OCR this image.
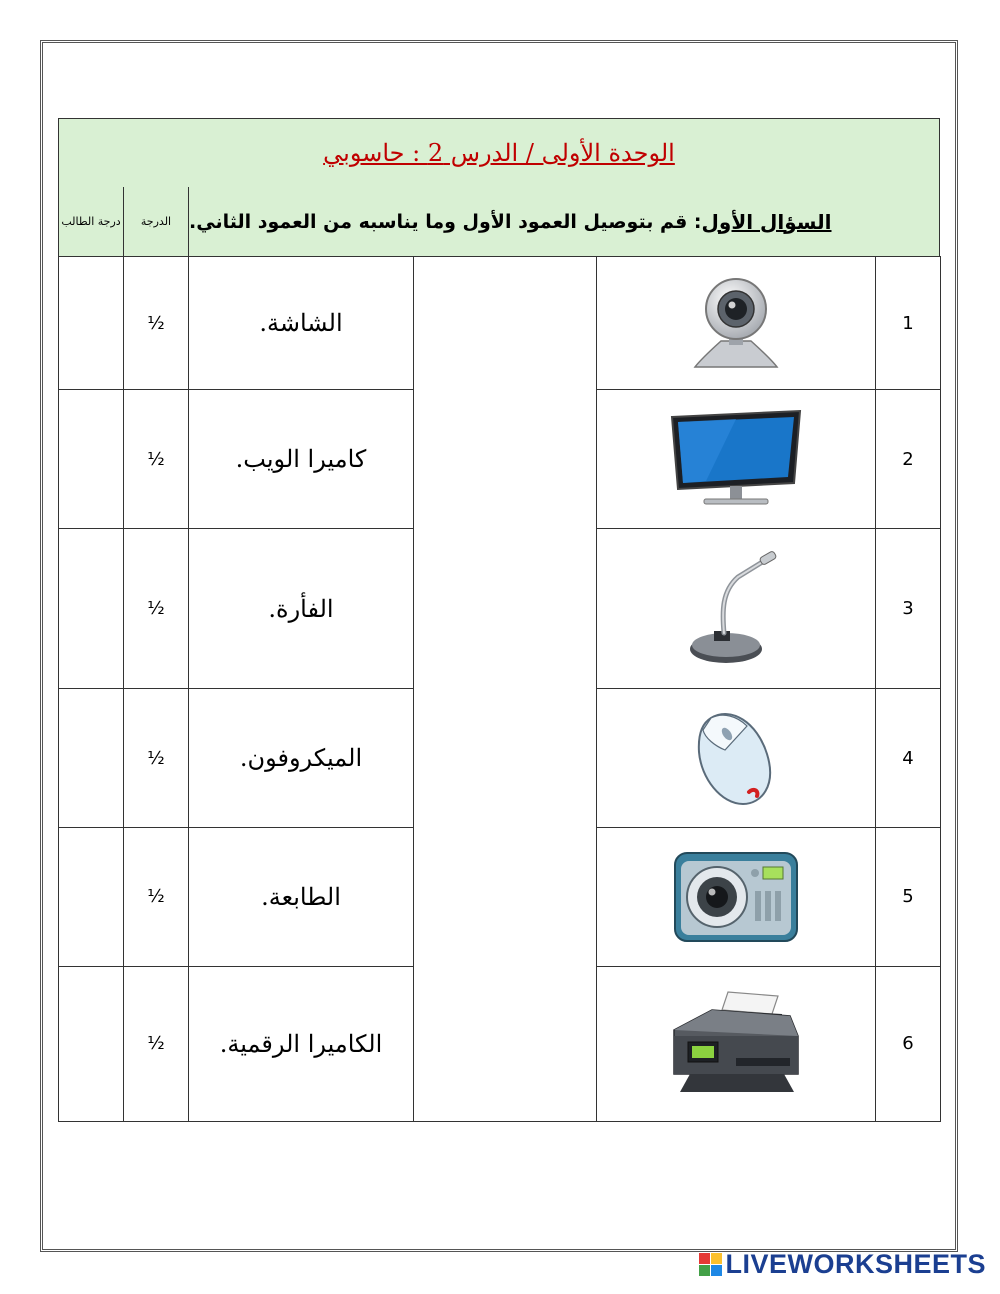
الوحدة الأولى / الدرس 2 : حاسوبي
درجة الطالب	الدرجة	السؤال الأول
: قم بتوصيل العمود الأول وما يناسبه من العمود الثاني.
	½	الشاشة.			1
	½	كاميرا الويب.			2
	½	الفأرة.			3
	½	الميكروفون.			4
	½	الطابعة.			5
	½	الكاميرا الرقمية.			6
LIVEWORKSHEETS
